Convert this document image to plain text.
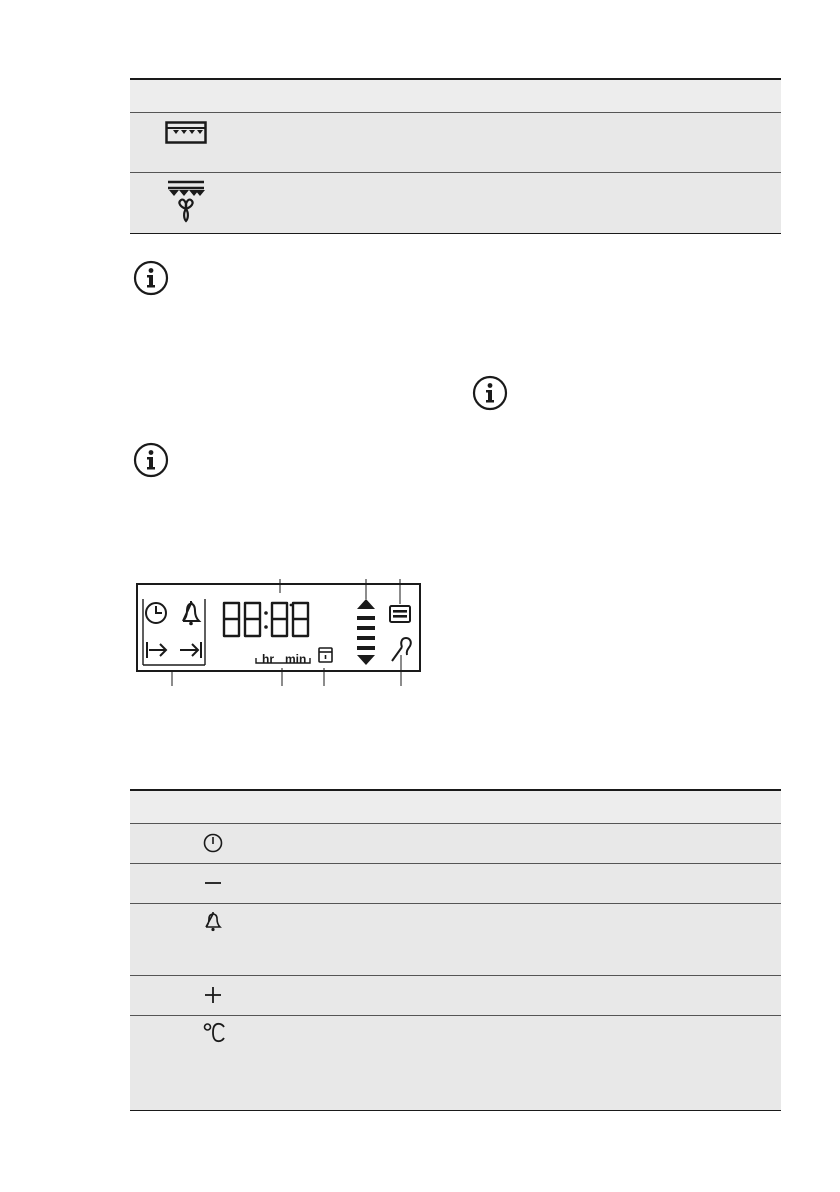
hr min
